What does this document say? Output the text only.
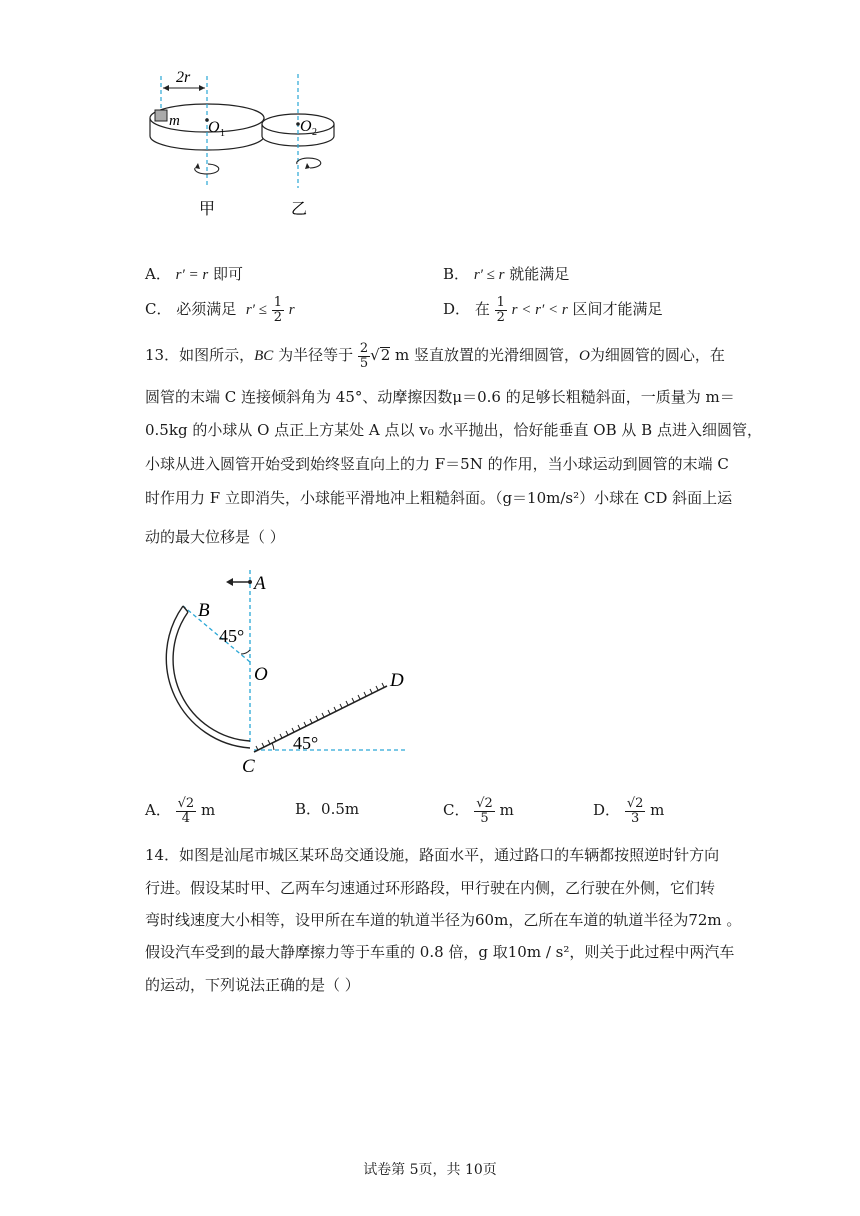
2r
m O 1	O 2
甲	乙
A． r′ = r 即可	B． r′ ≤ r 就能满足
C． 必须满足 $r' \le \frac{1}{2}$ r	D． 在 $\frac{1}{2}$ r < r′ < r 区间才能满足
13．如图所示，BC 为半径等于 $\frac{2}{5} √2$ m 竖直放置的光滑细圆管，O为细圆管的圆心，在
圆管的末端 C 连接倾斜角为 45°、动摩擦因数μ＝0.6 的足够长粗糙斜面，一质量为 m＝
0.5kg 的小球从 O 点正上方某处 A 点以 v₀ 水平抛出，恰好能垂直 OB 从 B 点进入细圆管，
小球从进入圆管开始受到始终竖直向上的力 F＝5N 的作用，当小球运动到圆管的末端 C
时作用力 F 立即消失，小球能平滑地冲上粗糙斜面。（g＝10m/s²）小球在 CD 斜面上运
动的最大位移是（ ）
A
B
45°
O
45°
C
D
A． $\frac{√2}{4}$ m	B．0.5m	C． $\frac{√2}{5}$ m	D． $\frac{√2}{3}$ m
14．如图是汕尾市城区某环岛交通设施，路面水平，通过路口的车辆都按照逆时针方向
行进。假设某时甲、乙两车匀速通过环形路段，甲行驶在内侧，乙行驶在外侧，它们转
弯时线速度大小相等，设甲所在车道的轨道半径为60m，乙所在车道的轨道半径为72m 。
假设汽车受到的最大静摩擦力等于车重的 0.8 倍，g 取10m / s²，则关于此过程中两汽车
的运动，下列说法正确的是（ ）
试卷第 5页，共 10页
